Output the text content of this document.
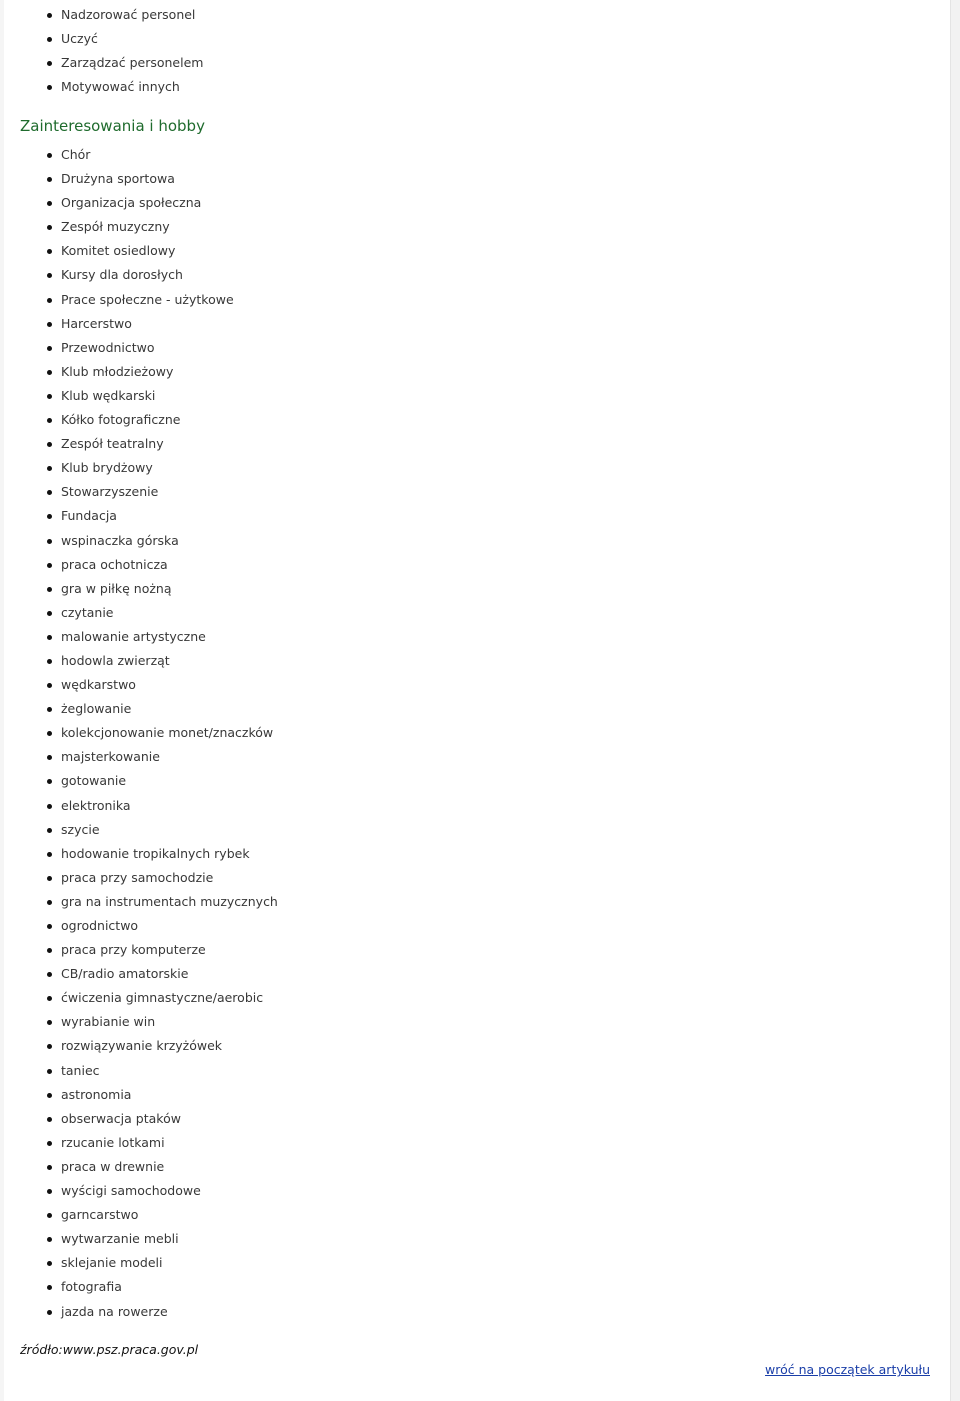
Nadzorować personel
Uczyć
Zarządzać personelem
Motywować innych
Zainteresowania i hobby
Chór
Drużyna sportowa
Organizacja społeczna
Zespół muzyczny
Komitet osiedlowy
Kursy dla dorosłych
Prace społeczne - użytkowe
Harcerstwo
Przewodnictwo
Klub młodzieżowy
Klub wędkarski
Kółko fotograficzne
Zespół teatralny
Klub brydżowy
Stowarzyszenie
Fundacja
wspinaczka górska
praca ochotnicza
gra w piłkę nożną
czytanie
malowanie artystyczne
hodowla zwierząt
wędkarstwo
żeglowanie
kolekcjonowanie monet/znaczków
majsterkowanie
gotowanie
elektronika
szycie
hodowanie tropikalnych rybek
praca przy samochodzie
gra na instrumentach muzycznych
ogrodnictwo
praca przy komputerze
CB/radio amatorskie
ćwiczenia gimnastyczne/aerobic
wyrabianie win
rozwiązywanie krzyżówek
taniec
astronomia
obserwacja ptaków
rzucanie lotkami
praca w drewnie
wyścigi samochodowe
garncarstwo
wytwarzanie mebli
sklejanie modeli
fotografia
jazda na rowerze
źródło:www.psz.praca.gov.pl
wróć na początek artykułu
